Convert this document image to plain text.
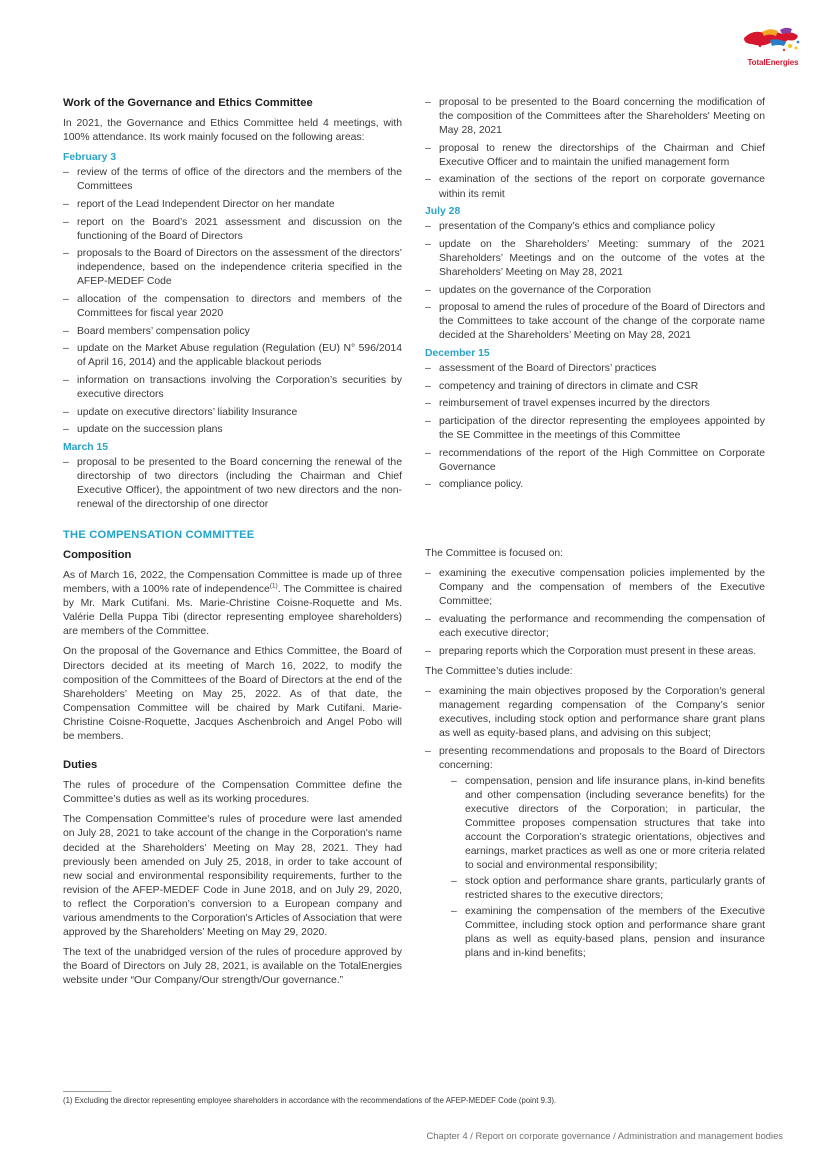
TotalEnergies
Work of the Governance and Ethics Committee

In 2021, the Governance and Ethics Committee held 4 meetings, with 100% attendance. Its work mainly focused on the following areas:

February 3
– review of the terms of office of the directors and the members of the Committees
– report of the Lead Independent Director on her mandate
– report on the Board’s 2021 assessment and discussion on the functioning of the Board of Directors
– proposals to the Board of Directors on the assessment of the directors’ independence, based on the independence criteria specified in the AFEP-MEDEF Code
– allocation of the compensation to directors and members of the Committees for fiscal year 2020
– Board members’ compensation policy
– update on the Market Abuse regulation (Regulation (EU) N° 596/2014 of April 16, 2014) and the applicable blackout periods
– information on transactions involving the Corporation’s securities by executive directors
– update on executive directors’ liability Insurance
– update on the succession plans
March 15
– proposal to be presented to the Board concerning the renewal of the directorship of two directors (including the Chairman and Chief Executive Officer), the appointment of two new directors and the non-renewal of the directorship of one director
– proposal to be presented to the Board concerning the modification of the composition of the Committees after the Shareholders' Meeting on May 28, 2021
– proposal to renew the directorships of the Chairman and Chief Executive Officer and to maintain the unified management form
– examination of the sections of the report on corporate governance within its remit
July 28
– presentation of the Company’s ethics and compliance policy
– update on the Shareholders’ Meeting: summary of the 2021 Shareholders’ Meetings and on the outcome of the votes at the Shareholders’ Meeting on May 28, 2021
– updates on the governance of the Corporation
– proposal to amend the rules of procedure of the Board of Directors and the Committees to take account of the change of the corporate name decided at the Shareholders’ Meeting on May 28, 2021
December 15
– assessment of the Board of Directors’ practices
– competency and training of directors in climate and CSR
– reimbursement of travel expenses incurred by the directors
– participation of the director representing the employees appointed by the SE Committee in the meetings of this Committee
– recommendations of the report of the High Committee on Corporate Governance
– compliance policy.
THE COMPENSATION COMMITTEE
Composition

As of March 16, 2022, the Compensation Committee is made up of three members, with a 100% rate of independence$^{(1)}$. The Committee is chaired by Mr. Mark Cutifani. Ms. Marie-Christine Coisne-Roquette and Ms. Valérie Della Puppa Tibi (director representing employee shareholders) are members of the Committee.

On the proposal of the Governance and Ethics Committee, the Board of Directors decided at its meeting of March 16, 2022, to modify the composition of the Committees of the Board of Directors at the end of the Shareholders’ Meeting on May 25, 2022. As of that date, the Compensation Committee will be chaired by Mark Cutifani. Marie-Christine Coisne-Roquette, Jacques Aschenbroich and Angel Pobo will be members.

Duties

The rules of procedure of the Compensation Committee define the Committee’s duties as well as its working procedures.

The Compensation Committee's rules of procedure were last amended on July 28, 2021 to take account of the change in the Corporation's name decided at the Shareholders’ Meeting on May 28, 2021. They had previously been amended on July 25, 2018, in order to take account of new social and environmental responsibility requirements, further to the revision of the AFEP-MEDEF Code in June 2018, and on July 29, 2020, to reflect the Corporation’s conversion to a European company and various amendments to the Corporation's Articles of Association that were approved by the Shareholders’ Meeting on May 29, 2020.

The text of the unabridged version of the rules of procedure approved by the Board of Directors on July 28, 2021, is available on the TotalEnergies website under “Our Company/Our strength/Our governance.”

The Committee is focused on:

– examining the executive compensation policies implemented by the Company and the compensation of members of the Executive Committee;
– evaluating the performance and recommending the compensation of each executive director;
– preparing reports which the Corporation must present in these areas.

The Committee’s duties include:

– examining the main objectives proposed by the Corporation's general management regarding compensation of the Company’s senior executives, including stock option and performance share grant plans as well as equity-based plans, and advising on this subject;
– presenting recommendations and proposals to the Board of Directors concerning:
– compensation, pension and life insurance plans, in-kind benefits and other compensation (including severance benefits) for the executive directors of the Corporation; in particular, the Committee proposes compensation structures that take into account the Corporation’s strategic orientations, objectives and earnings, market practices as well as one or more criteria related to social and environmental responsibility;
– stock option and performance share grants, particularly grants of restricted shares to the executive directors;
– examining the compensation of the members of the Executive Committee, including stock option and performance share grant plans as well as equity-based plans, pension and insurance plans and in-kind benefits;
(1) Excluding the director representing employee shareholders in accordance with the recommendations of the AFEP-MEDEF Code (point 9.3).
Chapter 4 / Report on corporate governance / Administration and management bodies
